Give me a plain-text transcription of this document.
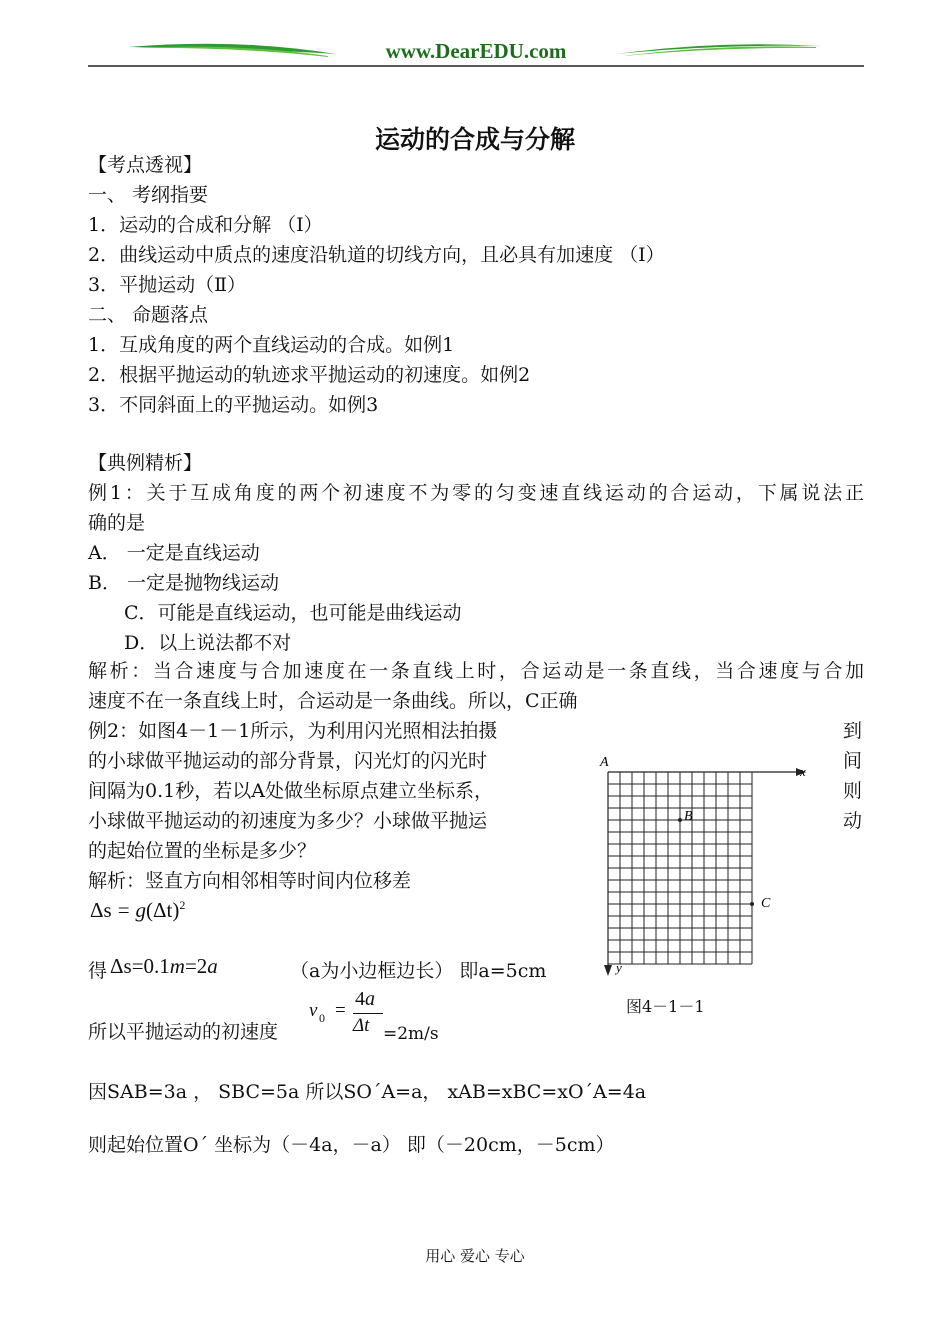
www.DearEDU.com
运动的合成与分解
【考点透视】
一、 考纲指要
1．运动的合成和分解 （Ⅰ）
2．曲线运动中质点的速度沿轨道的切线方向，且必具有加速度 （Ⅰ）
3．平抛运动（Ⅱ）
二、 命题落点
1．互成角度的两个直线运动的合成。如例1
2．根据平抛运动的轨迹求平抛运动的初速度。如例2
3．不同斜面上的平抛运动。如例3
【典例精析】
例1：关于互成角度的两个初速度不为零的匀变速直线运动的合运动，下属说法正
确的是
A． 一定是直线运动
B． 一定是抛物线运动
C．可能是直线运动，也可能是曲线运动
D．以上说法都不对
解析：当合速度与合加速度在一条直线上时，合运动是一条直线，当合速度与合加
速度不在一条直线上时，合运动是一条曲线。所以，C正确
例2：如图4－1－1所示，为利用闪光照相法拍摄	到
的小球做平抛运动的部分背景，闪光灯的闪光时	间
间隔为0.1秒，若以A处做坐标原点建立坐标系，	则
小球做平抛运动的初速度为多少？小球做平抛运	动
的起始位置的坐标是多少？
解析：竖直方向相邻相等时间内位移差
$\Delta s = g(\Delta t)^2$
得 Δs=0.1m=2a	（a为小边框边长） 即a=5cm
所以平抛运动的初速度
v 0 =
4a
Δt =2m/s
因SAB=3a ， SBC=5a 所以SO´A=a， xAB=xBC=xO´A=4a
则起始位置O´ 坐标为（－4a，－a） 即（－20cm，－5cm）
A
B
C
x
y
图4－1－1
用心 爱心 专心
